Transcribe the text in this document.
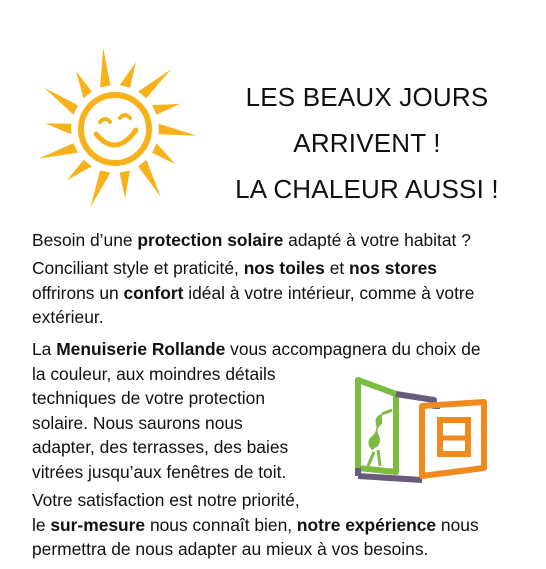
LES BEAUX JOURS
ARRIVENT !
LA CHALEUR AUSSI !

Besoin d’une protection solaire adapté à votre habitat ?

Conciliant style et praticité, nos toiles et nos stores
offrirons un confort idéal à votre intérieur, comme à votre
extérieur.

La Menuiserie Rollande vous accompagnera du choix de
la couleur, aux moindres détails
techniques de votre protection
solaire. Nous saurons nous
adapter, des terrasses, des baies
vitrées jusqu’aux fenêtres de toit.

Votre satisfaction est notre priorité,
le sur-mesure nous connaît bien, notre expérience nous
permettra de nous adapter au mieux à vos besoins.
